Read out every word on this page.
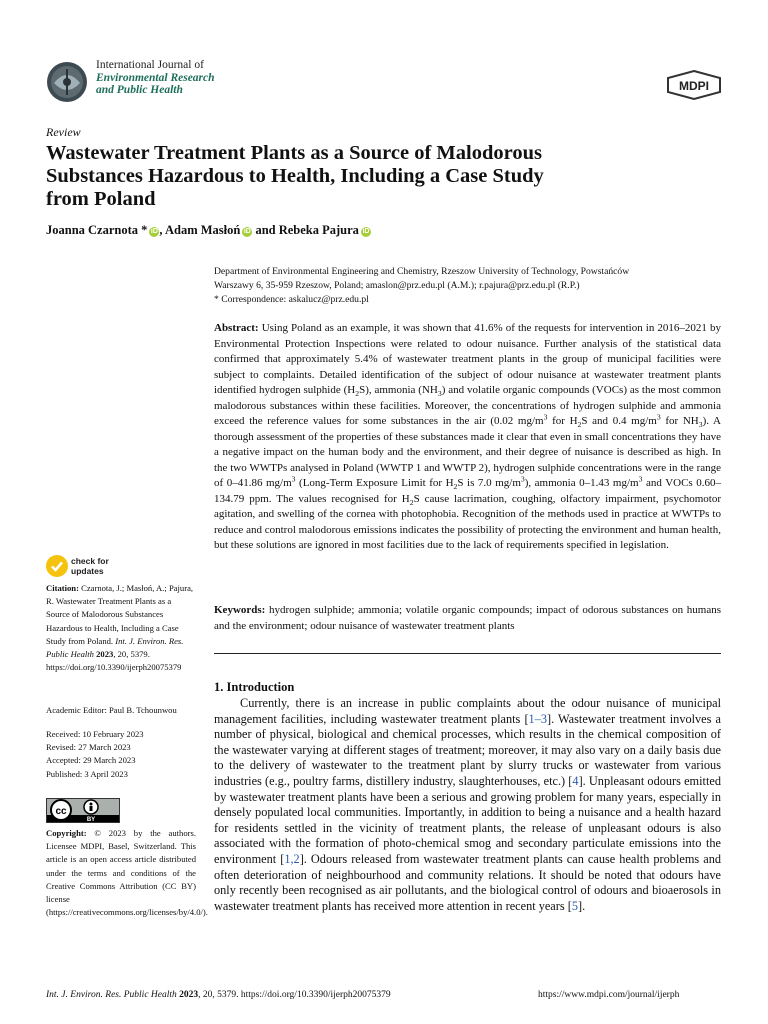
International Journal of
Environmental Research
and Public Health	MDPI
Review
Wastewater Treatment Plants as a Source of Malodorous
Substances Hazardous to Health, Including a Case Study
from Poland
Joanna Czarnota * iD , Adam Masłoń iD and Rebeka Pajura iD
Department of Environmental Engineering and Chemistry, Rzeszow University of Technology, Powstańców
Warszawy 6, 35-959 Rzeszow, Poland; amaslon@prz.edu.pl (A.M.); r.pajura@prz.edu.pl (R.P.)
* Correspondence: askalucz@prz.edu.pl
Abstract: Using Poland as an example, it was shown that 41.6% of the requests for intervention in 2016–2021 by Environmental Protection Inspections were related to odour nuisance. Further analysis of the statistical data confirmed that approximately 5.4% of wastewater treatment plants in the group of municipal facilities were subject to complaints. Detailed identification of the subject of odour nuisance at wastewater treatment plants identified hydrogen sulphide $(H_2S)$, ammonia $(NH_3)$ and volatile organic compounds (VOCs) as the most common malodorous substances within these facilities. Moreover, the concentrations of hydrogen sulphide and ammonia exceed the reference values for some substances in the air (0.02 $mg/m^3$ for $H_2S$ and 0.4 $mg/m^3$ for $NH_3$). A thorough assessment of the properties of these substances made it clear that even in small concentrations they have a negative impact on the human body and the environment, and their degree of nuisance is described as high. In the two WWTPs analysed in Poland (WWTP 1 and WWTP 2), hydrogen sulphide concentrations were in the range of 0–41.86 $mg/m^3$ (Long-Term Exposure Limit for $H_2S$ is 7.0 $mg/m^3$), ammonia 0–1.43 $mg/m^3$ and VOCs 0.60–134.79 ppm. The values recognised for $H_2S$ cause lacrimation, coughing, olfactory impairment, psychomotor agitation, and swelling of the cornea with photophobia. Recognition of the methods used in practice at WWTPs to reduce and control malodorous emissions indicates the possibility of protecting the environment and human health, but these solutions are ignored in most facilities due to the lack of requirements specified in legislation.
Keywords: hydrogen sulphide; ammonia; volatile organic compounds; impact of odorous substances on humans and the environment; odour nuisance of wastewater treatment plants
1. Introduction
Currently, there is an increase in public complaints about the odour nuisance of municipal management facilities, including wastewater treatment plants [1–3]. Wastewater treatment involves a number of physical, biological and chemical processes, which results in the chemical composition of the wastewater varying at different stages of treatment; moreover, it may also vary on a daily basis due to the delivery of wastewater to the treatment plant by slurry trucks or wastewater from various industries (e.g., poultry farms, distillery industry, slaughterhouses, etc.) [4]. Unpleasant odours emitted by wastewater treatment plants have been a serious and growing problem for many years, especially in densely populated local communities. Importantly, in addition to being a nuisance and a health hazard for residents settled in the vicinity of treatment plants, the release of unpleasant odours is also associated with the formation of photo-chemical smog and secondary particulate emissions into the environment [1,2]. Odours released from wastewater treatment plants can cause health problems and often deterioration of neighbourhood and community relations. It should be noted that odours have only recently been recognised as air pollutants, and the biological control of odours and bioaerosols in wastewater treatment plants has received more attention in recent years [5].
check for
updates
Citation: Czarnota, J.; Masłoń, A.; Pajura, R. Wastewater Treatment Plants as a Source of Malodorous Substances Hazardous to Health, Including a Case Study from Poland. Int. J. Environ. Res. Public Health 2023, 20, 5379. https://doi.org/10.3390/ijerph20075379
Academic Editor: Paul B. Tchounwou
Received: 10 February 2023
Revised: 27 March 2023
Accepted: 29 March 2023
Published: 3 April 2023
cc
BY
Copyright: © 2023 by the authors. Licensee MDPI, Basel, Switzerland. This article is an open access article distributed under the terms and conditions of the Creative Commons Attribution (CC BY) license (https://creativecommons.org/licenses/by/4.0/).
Int. J. Environ. Res. Public Health 2023, 20, 5379. https://doi.org/10.3390/ijerph20075379	https://www.mdpi.com/journal/ijerph
